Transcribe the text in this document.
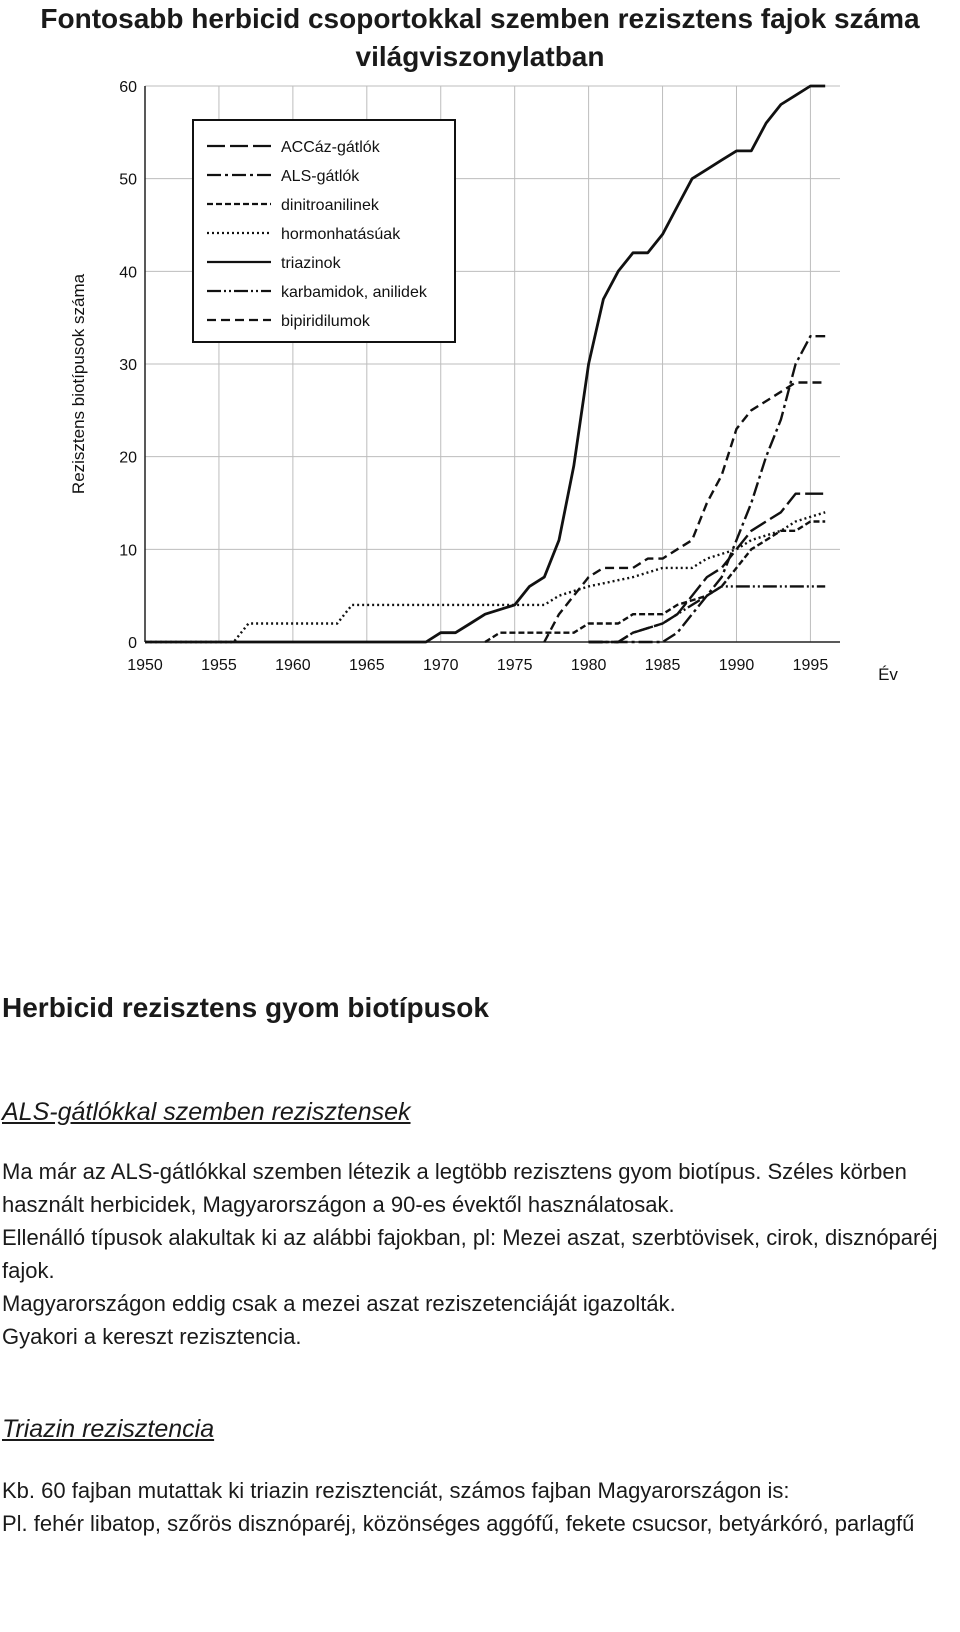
Fontosabb herbicid csoportokkal szemben rezisztens fajok száma világviszonylatban
1950 1955 1960 1965 1970 1975 1980 1985 1990 1995
0
10
20
30
40
50
60
Év
Rezisztens biotípusok száma
ACCáz-gátlók
ALS-gátlók
dinitroanilinek
hormonhatásúak
triazinok
karbamidok, anilidek
bipiridilumok
Herbicid rezisztens gyom biotípusok

ALS-gátlókkal szemben rezisztensek

Ma már az ALS-gátlókkal szemben létezik a legtöbb rezisztens gyom biotípus. Széles körben használt herbicidek, Magyarországon a 90-es évektől használatosak.

Ellenálló típusok alakultak ki az alábbi fajokban, pl: Mezei aszat, szerbtövisek, cirok, disznóparéj fajok.

Magyarországon eddig csak a mezei aszat reziszetenciáját igazolták.

Gyakori a kereszt rezisztencia.

Triazin rezisztencia

Kb. 60 fajban mutattak ki triazin rezisztenciát, számos fajban Magyarországon is:

Pl. fehér libatop, szőrös disznóparéj, közönséges aggófű, fekete csucsor, betyárkóró, parlagfű
